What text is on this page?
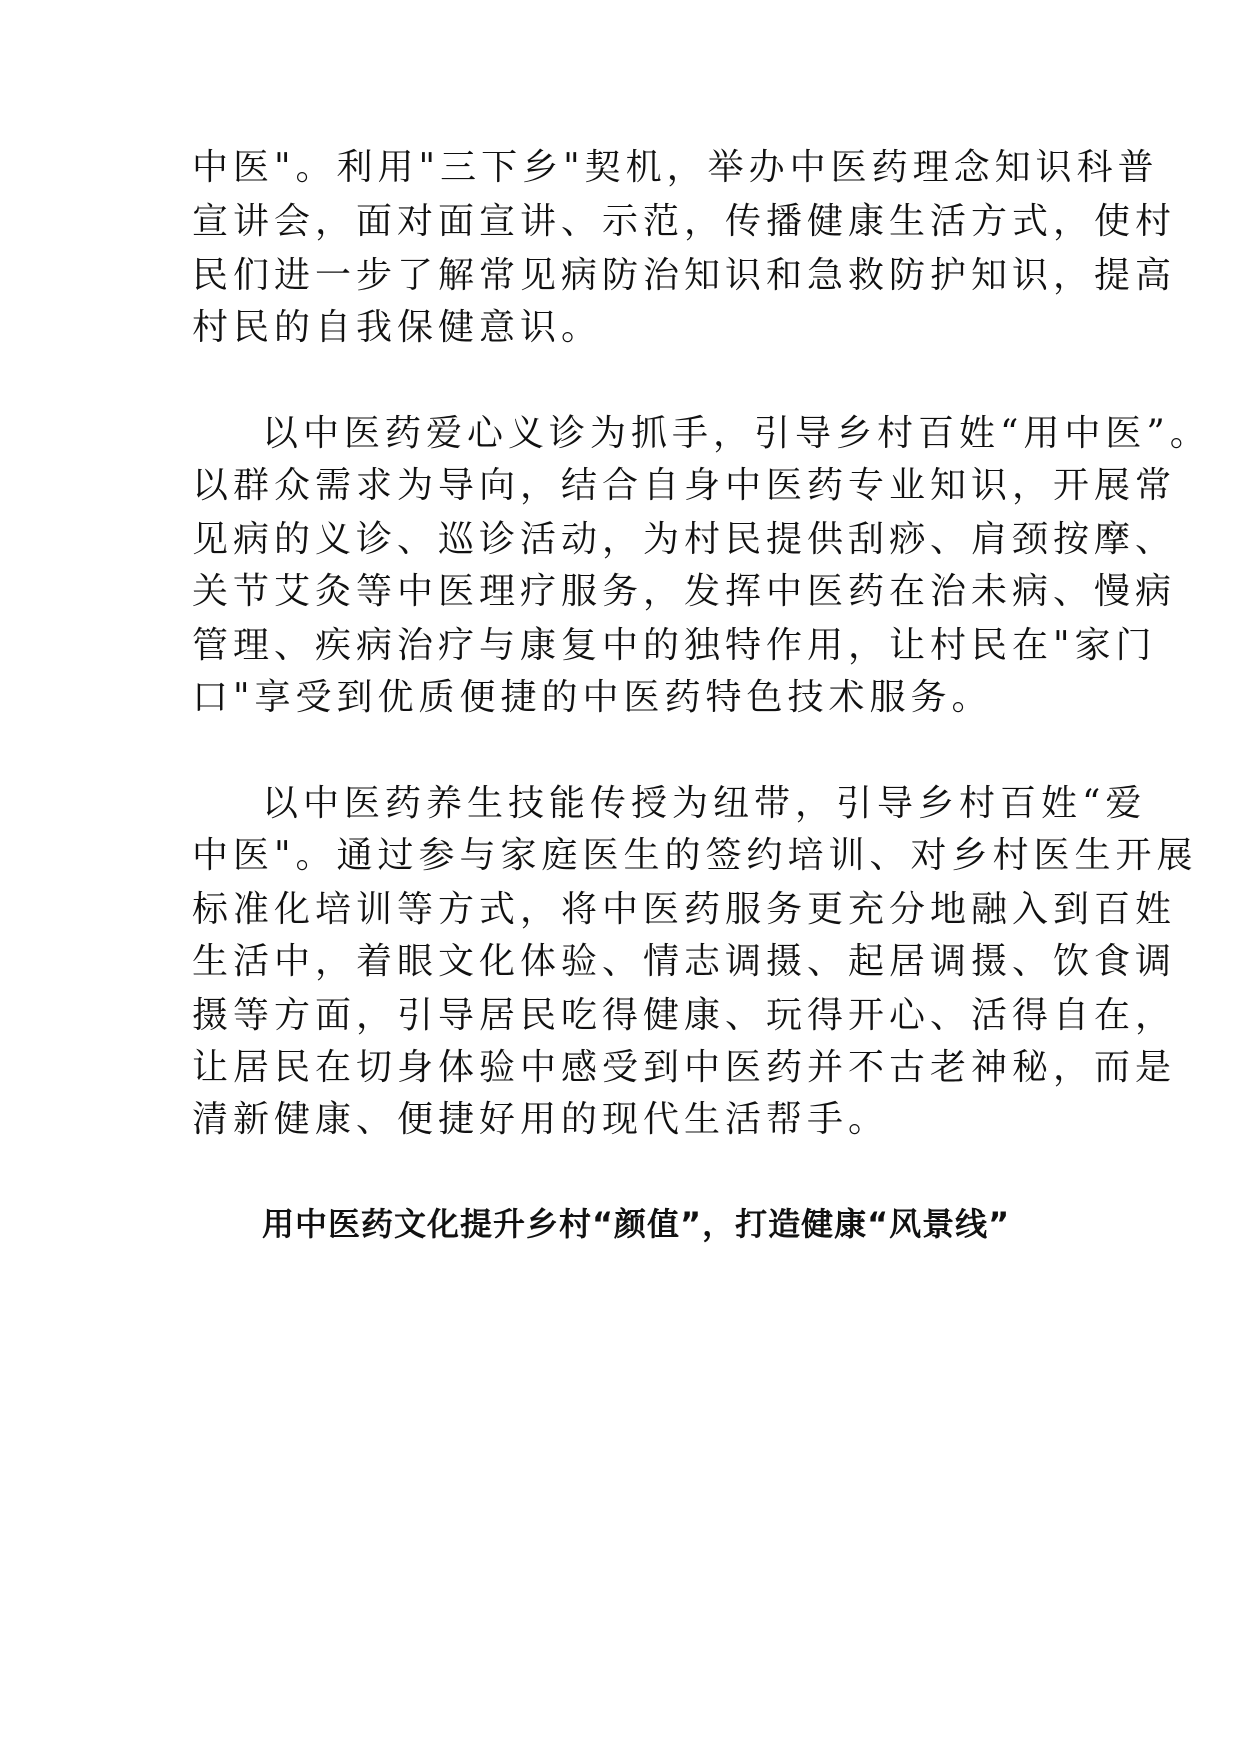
中医"。利用"三下乡"契机，举办中医药理念知识科普
宣讲会，面对面宣讲、示范，传播健康生活方式，使村
民们进一步了解常见病防治知识和急救防护知识，提高
村民的自我保健意识。
以中医药爱心义诊为抓手，引导乡村百姓“用中医”。
以群众需求为导向，结合自身中医药专业知识，开展常
见病的义诊、巡诊活动，为村民提供刮痧、肩颈按摩、
关节艾灸等中医理疗服务，发挥中医药在治未病、慢病
管理、疾病治疗与康复中的独特作用，让村民在"家门
口"享受到优质便捷的中医药特色技术服务。
以中医药养生技能传授为纽带，引导乡村百姓“爱
中医"。通过参与家庭医生的签约培训、对乡村医生开展
标准化培训等方式，将中医药服务更充分地融入到百姓
生活中，着眼文化体验、情志调摄、起居调摄、饮食调
摄等方面，引导居民吃得健康、玩得开心、活得自在，
让居民在切身体验中感受到中医药并不古老神秘，而是
清新健康、便捷好用的现代生活帮手。
用中医药文化提升乡村“颜值”，打造健康“风景线”
